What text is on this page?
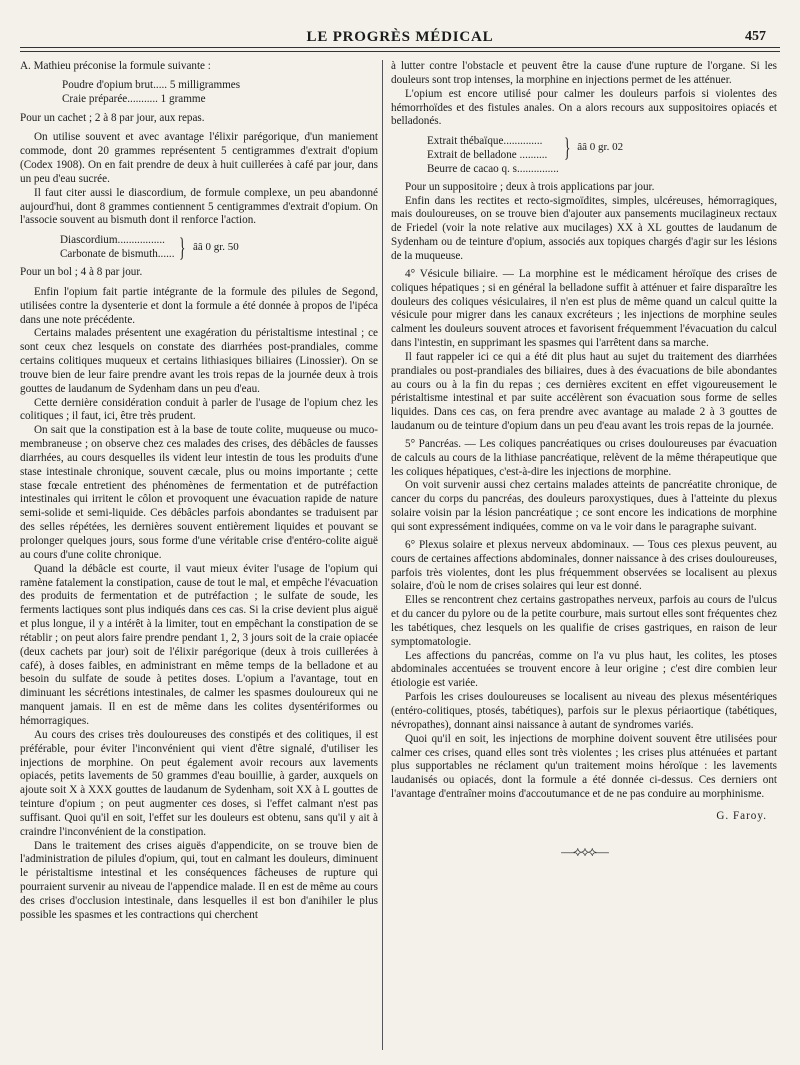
LE PROGRÈS MÉDICAL	457

A. Mathieu préconise la formule suivante :

Poudre d'opium brut..... 5 milligrammes

Craie préparée........... 1 gramme

Pour un cachet ; 2 à 8 par jour, aux repas.

On utilise souvent et avec avantage l'élixir parégorique, d'un maniement commode, dont 20 grammes représentent 5 centigrammes d'extrait d'opium (Codex 1908). On en fait prendre de deux à huit cuillerées à café par jour, dans un peu d'eau sucrée.

Il faut citer aussi le diascordium, de formule complexe, un peu abandonné aujourd'hui, dont 8 grammes contiennent 5 centigrammes d'extrait d'opium. On l'associe souvent au bismuth dont il renforce l'action.

Diascordium.................
Carbonate de bismuth...... } ââ 0 gr. 50

Pour un bol ; 4 à 8 par jour.

Enfin l'opium fait partie intégrante de la formule des pilules de Segond, utilisées contre la dysenterie et dont la formule a été donnée à propos de l'ipéca dans une note précédente.

Certains malades présentent une exagération du péristaltisme intestinal ; ce sont ceux chez lesquels on constate des diarrhées post-prandiales, comme certains colitiques muqueux et certains lithiasiques biliaires (Linossier). On se trouve bien de leur faire prendre avant les trois repas de la journée deux à trois gouttes de laudanum de Sydenham dans un peu d'eau.

Cette dernière considération conduit à parler de l'usage de l'opium chez les colitiques ; il faut, ici, être très prudent.

On sait que la constipation est à la base de toute colite, muqueuse ou muco-membraneuse ; on observe chez ces malades des crises, des débâcles de fausses diarrhées, au cours desquelles ils vident leur intestin de tous les produits d'une stase intestinale chronique, souvent cæcale, plus ou moins importante ; cette stase fœcale entretient des phénomènes de fermentation et de putréfaction intestinales qui irritent le côlon et provoquent une évacuation rapide de nature semi-solide et semi-liquide. Ces débâcles parfois abondantes se traduisent par des selles répétées, les dernières souvent entièrement liquides et pouvant se prolonger quelques jours, sous forme d'une véritable crise d'entéro-colite aiguë au cours d'une colite chronique.

Quand la débâcle est courte, il vaut mieux éviter l'usage de l'opium qui ramène fatalement la constipation, cause de tout le mal, et empêche l'évacuation des produits de fermentation et de putréfaction ; le sulfate de soude, les ferments lactiques sont plus indiqués dans ces cas. Si la crise devient plus aiguë et plus longue, il y a intérêt à la limiter, tout en empêchant la constipation de se rétablir ; on peut alors faire prendre pendant 1, 2, 3 jours soit de la craie opiacée (deux cachets par jour) soit de l'élixir parégorique (deux à trois cuillerées à café), à doses faibles, en administrant en même temps de la belladone et au besoin du sulfate de soude à petites doses. L'opium a l'avantage, tout en diminuant les sécrétions intestinales, de calmer les spasmes douloureux qui ne manquent jamais. Il en est de même dans les colites dysentériformes ou hémorragiques.

Au cours des crises très douloureuses des constipés et des colitiques, il est préférable, pour éviter l'inconvénient qui vient d'être signalé, d'utiliser les injections de morphine. On peut également avoir recours aux lavements opiacés, petits lavements de 50 grammes d'eau bouillie, à garder, auxquels on ajoute soit X à XXX gouttes de laudanum de Sydenham, soit XX à L gouttes de teinture d'opium ; on peut augmenter ces doses, si l'effet calmant n'est pas suffisant. Quoi qu'il en soit, l'effet sur les douleurs est obtenu, sans qu'il y ait à craindre l'inconvénient de la constipation.

Dans le traitement des crises aiguës d'appendicite, on se trouve bien de l'administration de pilules d'opium, qui, tout en calmant les douleurs, diminuent le péristaltisme intestinal et les conséquences fâcheuses de rupture qui pourraient survenir au niveau de l'appendice malade. Il en est de même au cours des crises d'occlusion intestinale, dans lesquelles il est bon d'anihiler le plus possible les spasmes et les contractions qui cherchent

à lutter contre l'obstacle et peuvent être la cause d'une rupture de l'organe. Si les douleurs sont trop intenses, la morphine en injections permet de les atténuer.

L'opium est encore utilisé pour calmer les douleurs parfois si violentes des hémorrhoïdes et des fistules anales. On a alors recours aux suppositoires opiacés et belladonés.

Extrait thébaïque..............
Extrait de belladone ..........
Beurre de cacao q. s...............
} ââ 0 gr. 02

Pour un suppositoire ; deux à trois applications par jour.

Enfin dans les rectites et recto-sigmoïdites, simples, ulcéreuses, hémorragiques, mais douloureuses, on se trouve bien d'ajouter aux pansements mucilagineux rectaux de Friedel (voir la note relative aux mucilages) XX à XL gouttes de laudanum de Sydenham ou de teinture d'opium, associés aux topiques chargés d'agir sur les lésions de la muqueuse.

4° Vésicule biliaire. — La morphine est le médicament héroïque des crises de coliques hépatiques ; si en général la belladone suffit à atténuer et faire disparaître les douleurs des coliques vésiculaires, il n'en est plus de même quand un calcul quitte la vésicule pour migrer dans les canaux excréteurs ; les injections de morphine seules calment les douleurs souvent atroces et favorisent fréquemment l'évacuation du calcul dans l'intestin, en supprimant les spasmes qui l'arrêtent dans sa marche.

Il faut rappeler ici ce qui a été dit plus haut au sujet du traitement des diarrhées prandiales ou post-prandiales des biliaires, dues à des évacuations de bile abondantes au cours ou à la fin du repas ; ces dernières excitent en effet vigoureusement le péristaltisme intestinal et par suite accélèrent son évacuation sous forme de selles liquides. Dans ces cas, on fera prendre avec avantage au malade 2 à 3 gouttes de laudanum ou de teinture d'opium dans un peu d'eau avant les trois repas de la journée.

5° Pancréas. — Les coliques pancréatiques ou crises douloureuses par évacuation de calculs au cours de la lithiase pancréatique, relèvent de la même thérapeutique que les coliques hépatiques, c'est-à-dire les injections de morphine.

On voit survenir aussi chez certains malades atteints de pancréatite chronique, de cancer du corps du pancréas, des douleurs paroxystiques, dues à l'atteinte du plexus solaire voisin par la lésion pancréatique ; ce sont encore les indications de morphine qui sont expressément indiquées, comme on va le voir dans le paragraphe suivant.

6° Plexus solaire et plexus nerveux abdominaux. — Tous ces plexus peuvent, au cours de certaines affections abdominales, donner naissance à des crises douloureuses, parfois très violentes, dont les plus fréquemment observées se localisent au plexus solaire, d'où le nom de crises solaires qui leur est donné.

Elles se rencontrent chez certains gastropathes nerveux, parfois au cours de l'ulcus et du cancer du pylore ou de la petite courbure, mais surtout elles sont fréquentes chez les tabétiques, chez lesquels on les qualifie de crises gastriques, en raison de leur symptomatologie.

Les affections du pancréas, comme on l'a vu plus haut, les colites, les ptoses abdominales accentuées se trouvent encore à leur origine ; c'est dire combien leur étiologie est variée.

Parfois les crises douloureuses se localisent au niveau des plexus mésentériques (entéro-colitiques, ptosés, tabétiques), parfois sur le plexus périaortique (tabétiques, névropathes), donnant ainsi naissance à autant de syndromes variés.

Quoi qu'il en soit, les injections de morphine doivent souvent être utilisées pour calmer ces crises, quand elles sont très violentes ; les crises plus atténuées et partant plus supportables ne réclament qu'un traitement moins héroïque : les lavements laudanisés ou opiacés, dont la formule a été donnée ci-dessus. Ces derniers ont l'avantage d'entraîner moins d'accoutumance et de ne pas conduire au morphinisme.

G. Faroy.
—⟡⟡⟡—
